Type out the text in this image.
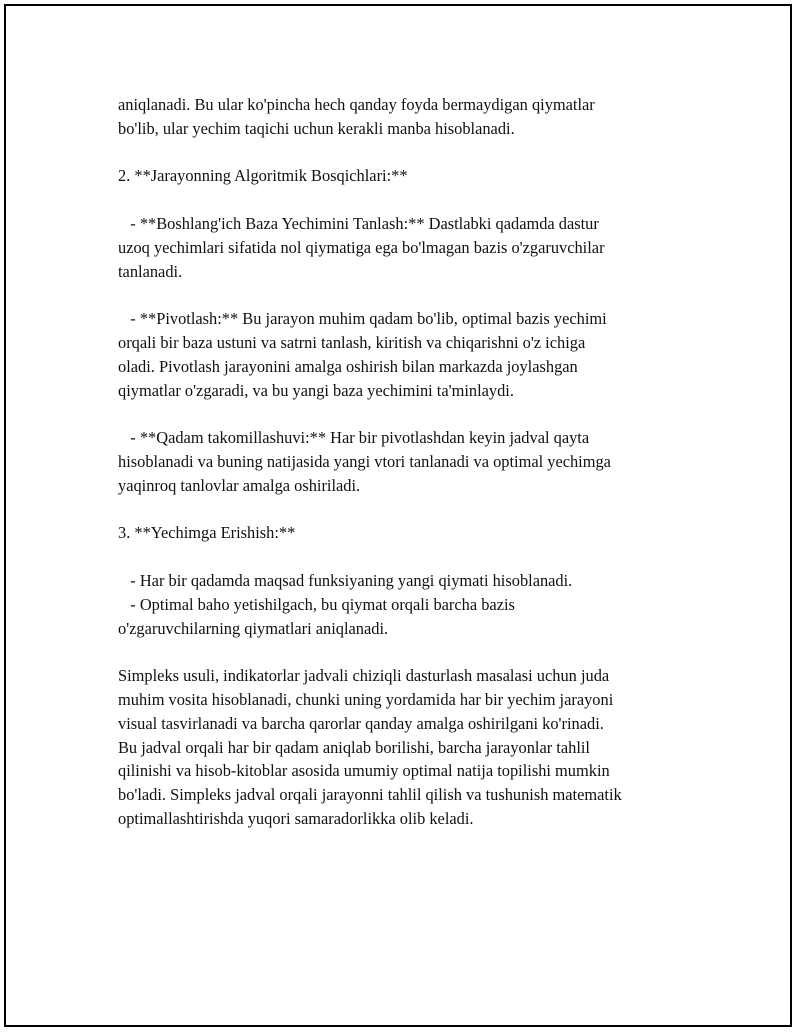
aniqlanadi. Bu ular ko'pincha hech qanday foyda bermaydigan qiymatlar
bo'lib, ular yechim taqichi uchun kerakli manba hisoblanadi.
2. **Jarayonning Algoritmik Bosqichlari:**
- **Boshlang'ich Baza Yechimini Tanlash:** Dastlabki qadamda dastur
uzoq yechimlari sifatida nol qiymatiga ega bo'lmagan bazis o'zgaruvchilar
tanlanadi.
- **Pivotlash:** Bu jarayon muhim qadam bo'lib, optimal bazis yechimi
orqali bir baza ustuni va satrni tanlash, kiritish va chiqarishni o'z ichiga
oladi. Pivotlash jarayonini amalga oshirish bilan markazda joylashgan
qiymatlar o'zgaradi, va bu yangi baza yechimini ta'minlaydi.
- **Qadam takomillashuvi:** Har bir pivotlashdan keyin jadval qayta
hisoblanadi va buning natijasida yangi vtori tanlanadi va optimal yechimga
yaqinroq tanlovlar amalga oshiriladi.
3. **Yechimga Erishish:**
- Har bir qadamda maqsad funksiyaning yangi qiymati hisoblanadi.
- Optimal baho yetishilgach, bu qiymat orqali barcha bazis
o'zgaruvchilarning qiymatlari aniqlanadi.
Simpleks usuli, indikatorlar jadvali chiziqli dasturlash masalasi uchun juda
muhim vosita hisoblanadi, chunki uning yordamida har bir yechim jarayoni
visual tasvirlanadi va barcha qarorlar qanday amalga oshirilgani ko'rinadi.
Bu jadval orqali har bir qadam aniqlab borilishi, barcha jarayonlar tahlil
qilinishi va hisob-kitoblar asosida umumiy optimal natija topilishi mumkin
bo'ladi. Simpleks jadval orqali jarayonni tahlil qilish va tushunish matematik
optimallashtirishda yuqori samaradorlikka olib keladi.
